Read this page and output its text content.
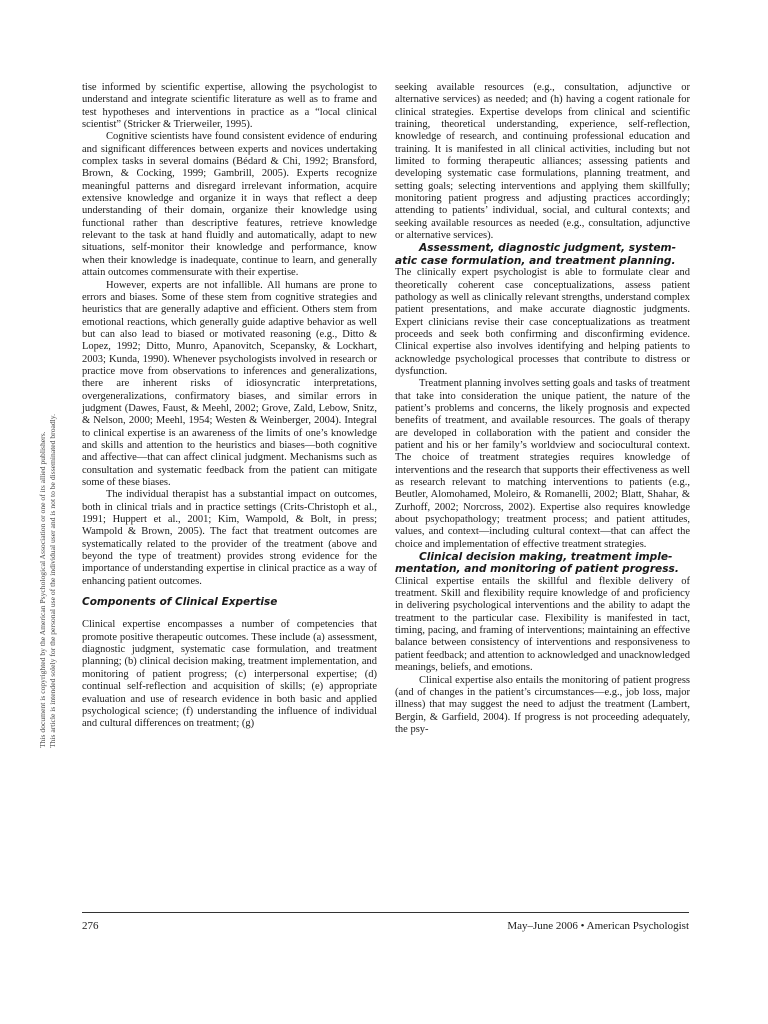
This document is copyrighted by the American Psychological Association or one of its allied publishers. This article is intended solely for the personal use of the individual user and is not to be disseminated broadly.

tise informed by scientific expertise, allowing the psychologist to understand and integrate scientific literature as well as to frame and test hypotheses and interventions in practice as a “local clinical scientist” (Stricker & Trierweiler, 1995).

Cognitive scientists have found consistent evidence of enduring and significant differences between experts and novices undertaking complex tasks in several domains (Bédard & Chi, 1992; Bransford, Brown, & Cocking, 1999; Gambrill, 2005). Experts recognize meaningful patterns and disregard irrelevant information, acquire extensive knowledge and organize it in ways that reflect a deep understanding of their domain, organize their knowledge using functional rather than descriptive features, retrieve knowledge relevant to the task at hand fluidly and automatically, adapt to new situations, self-monitor their knowledge and performance, know when their knowledge is inadequate, continue to learn, and generally attain outcomes commensurate with their expertise.

However, experts are not infallible. All humans are prone to errors and biases. Some of these stem from cognitive strategies and heuristics that are generally adaptive and efficient. Others stem from emotional reactions, which generally guide adaptive behavior as well but can also lead to biased or motivated reasoning (e.g., Ditto & Lopez, 1992; Ditto, Munro, Apanovitch, Scepansky, & Lockhart, 2003; Kunda, 1990). Whenever psychologists involved in research or practice move from observations to inferences and generalizations, there are inherent risks of idiosyncratic interpretations, overgeneralizations, confirmatory biases, and similar errors in judgment (Dawes, Faust, & Meehl, 2002; Grove, Zald, Lebow, Snitz, & Nelson, 2000; Meehl, 1954; Westen & Weinberger, 2004). Integral to clinical expertise is an awareness of the limits of one’s knowledge and skills and attention to the heuristics and biases—both cognitive and affective—that can affect clinical judgment. Mechanisms such as consultation and systematic feedback from the patient can mitigate some of these biases.

The individual therapist has a substantial impact on outcomes, both in clinical trials and in practice settings (Crits-Christoph et al., 1991; Huppert et al., 2001; Kim, Wampold, & Bolt, in press; Wampold & Brown, 2005). The fact that treatment outcomes are systematically related to the provider of the treatment (above and beyond the type of treatment) provides strong evidence for the importance of understanding expertise in clinical practice as a way of enhancing patient outcomes.

Components of Clinical Expertise

Clinical expertise encompasses a number of competencies that promote positive therapeutic outcomes. These include (a) assessment, diagnostic judgment, systematic case formulation, and treatment planning; (b) clinical decision making, treatment implementation, and monitoring of patient progress; (c) interpersonal expertise; (d) continual self-reflection and acquisition of skills; (e) appropriate evaluation and use of research evidence in both basic and applied psychological science; (f) understanding the influence of individual and cultural differences on treatment; (g)

seeking available resources (e.g., consultation, adjunctive or alternative services) as needed; and (h) having a cogent rationale for clinical strategies. Expertise develops from clinical and scientific training, theoretical understanding, experience, self-reflection, knowledge of research, and continuing professional education and training. It is manifested in all clinical activities, including but not limited to forming therapeutic alliances; assessing patients and developing systematic case formulations, planning treatment, and setting goals; selecting interventions and applying them skillfully; monitoring patient progress and adjusting practices accordingly; attending to patients’ individual, social, and cultural contexts; and seeking available resources as needed (e.g., consultation, adjunctive or alternative services).

Assessment, diagnostic judgment, system-
atic case formulation, and treatment planning.

The clinically expert psychologist is able to formulate clear and theoretically coherent case conceptualizations, assess patient pathology as well as clinically relevant strengths, understand complex patient presentations, and make accurate diagnostic judgments. Expert clinicians revise their case conceptualizations as treatment proceeds and seek both confirming and disconfirming evidence. Clinical expertise also involves identifying and helping patients to acknowledge psychological processes that contribute to distress or dysfunction.

Treatment planning involves setting goals and tasks of treatment that take into consideration the unique patient, the nature of the patient’s problems and concerns, the likely prognosis and expected benefits of treatment, and available resources. The goals of therapy are developed in collaboration with the patient and consider the patient and his or her family’s worldview and sociocultural context. The choice of treatment strategies requires knowledge of interventions and the research that supports their effectiveness as well as research relevant to matching interventions to patients (e.g., Beutler, Alomohamed, Moleiro, & Romanelli, 2002; Blatt, Shahar, & Zurhoff, 2002; Norcross, 2002). Expertise also requires knowledge about psychopathology; treatment process; and patient attitudes, values, and context—including cultural context—that can affect the choice and implementation of effective treatment strategies.

Clinical decision making, treatment imple-
mentation, and monitoring of patient progress.

Clinical expertise entails the skillful and flexible delivery of treatment. Skill and flexibility require knowledge of and proficiency in delivering psychological interventions and the ability to adapt the treatment to the particular case. Flexibility is manifested in tact, timing, pacing, and framing of interventions; maintaining an effective balance between consistency of interventions and responsiveness to patient feedback; and attention to acknowledged and unacknowledged meanings, beliefs, and emotions.

Clinical expertise also entails the monitoring of patient progress (and of changes in the patient’s circumstances—e.g., job loss, major illness) that may suggest the need to adjust the treatment (Lambert, Bergin, & Garfield, 2004). If progress is not proceeding adequately, the psy-

276	May–June 2006 • American Psychologist
